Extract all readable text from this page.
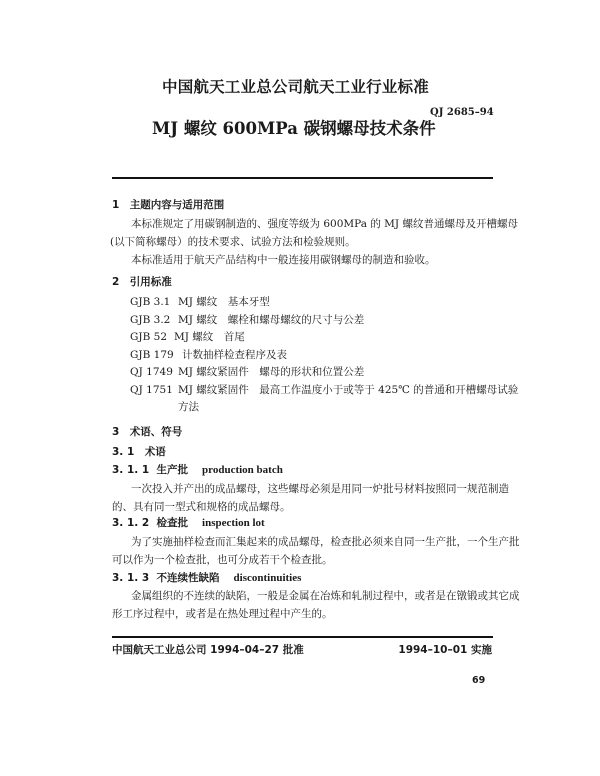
中国航天工业总公司航天工业行业标准
QJ 2685–94
MJ 螺纹 600MPa 碳钢螺母技术条件
1　主题内容与适用范围
本标准规定了用碳钢制造的、强度等级为 600MPa 的 MJ 螺纹普通螺母及开槽螺母
(以下简称螺母）的技术要求、试验方法和检验规则。
本标准适用于航天产品结构中一般连接用碳钢螺母的制造和验收。
2　引用标准
GJB 3.1 MJ 螺纹　基本牙型
GJB 3.2 MJ 螺纹　螺栓和螺母螺纹的尺寸与公差
GJB 52 MJ 螺纹　首尾
GJB 179 计数抽样检查程序及表
QJ 1749 MJ 螺纹紧固件　螺母的形状和位置公差
QJ 1751 MJ 螺纹紧固件　最高工作温度小于或等于 425℃ 的普通和开槽螺母试验
方法
3　术语、符号
3. 1　术语
3. 1. 1 生产批 production batch
一次投入并产出的成品螺母，这些螺母必须是用同一炉批号材料按照同一规范制造
的、具有同一型式和规格的成品螺母。
3. 1. 2 检查批 inspection lot
为了实施抽样检查而汇集起来的成品螺母，检查批必须来自同一生产批，一个生产批
可以作为一个检查批，也可分成若干个检查批。
3. 1. 3 不连续性缺陷 discontinuities
金属组织的不连续的缺陷，一般是金属在冶炼和轧制过程中，或者是在镦锻或其它成
形工序过程中，或者是在热处理过程中产生的。
中国航天工业总公司 1994–04–27 批准	1994–10–01 实施
69
